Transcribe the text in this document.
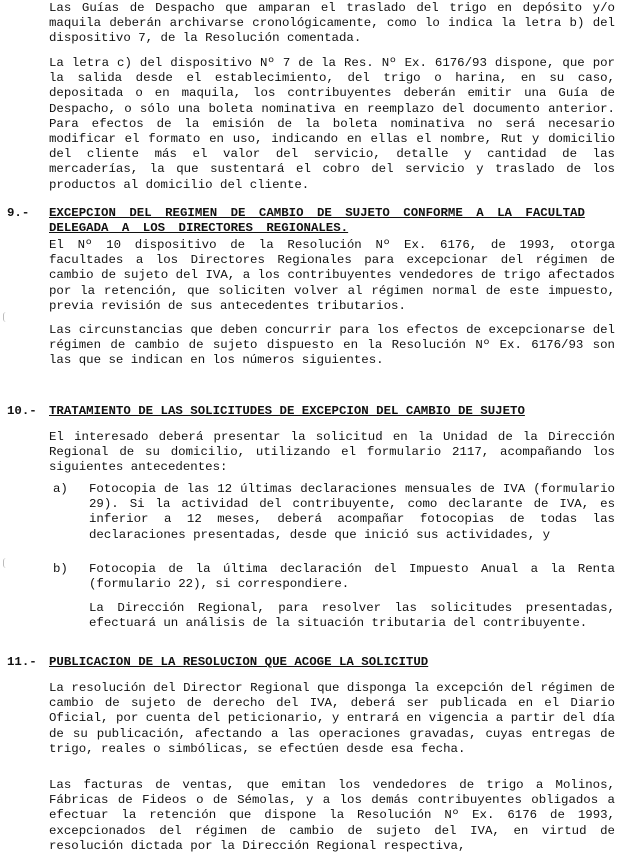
Las Guías de Despacho que amparan el traslado del trigo en depósito y/o maquila deberán archivarse cronológicamente, como lo indica la letra b) del dispositivo 7, de la Resolución comentada.

La letra c) del dispositivo Nº 7 de la Res. Nº Ex. 6176/93 dispone, que por la salida desde el establecimiento, del trigo o harina, en su caso, depositada o en maquila, los contribuyentes deberán emitir una Guía de Despacho, o sólo una boleta nominativa en reemplazo del documento anterior. Para efectos de la emisión de la boleta nominativa no será necesario modificar el formato en uso, indicando en ellas el nombre, Rut y domicilio del cliente más el valor del servicio, detalle y cantidad de las mercaderías, la que sustentará el cobro del servicio y traslado de los productos al domicilio del cliente.

9.- EXCEPCION DEL REGIMEN DE CAMBIO DE SUJETO CONFORME A LA FACULTAD DELEGADA A LOS DIRECTORES REGIONALES.

El Nº 10 dispositivo de la Resolución Nº Ex. 6176, de 1993, otorga facultades a los Directores Regionales para excepcionar del régimen de cambio de sujeto del IVA, a los contribuyentes vendedores de trigo afectados por la retención, que soliciten volver al régimen normal de este impuesto, previa revisión de sus antecedentes tributarios.

Las circunstancias que deben concurrir para los efectos de excepcionarse del régimen de cambio de sujeto dispuesto en la Resolución Nº Ex. 6176/93 son las que se indican en los números siguientes.

10.- TRATAMIENTO DE LAS SOLICITUDES DE EXCEPCION DEL CAMBIO DE SUJETO

El interesado deberá presentar la solicitud en la Unidad de la Dirección Regional de su domicilio, utilizando el formulario 2117, acompañando los siguientes antecedentes:

a) Fotocopia de las 12 últimas declaraciones mensuales de IVA (formulario 29). Si la actividad del contribuyente, como declarante de IVA, es inferior a 12 meses, deberá acompañar fotocopias de todas las declaraciones presentadas, desde que inició sus actividades, y

b) Fotocopia de la última declaración del Impuesto Anual a la Renta (formulario 22), si correspondiere.

La Dirección Regional, para resolver las solicitudes presentadas, efectuará un análisis de la situación tributaria del contribuyente.

11.- PUBLICACION DE LA RESOLUCION QUE ACOGE LA SOLICITUD

La resolución del Director Regional que disponga la excepción del régimen de cambio de sujeto de derecho del IVA, deberá ser publicada en el Diario Oficial, por cuenta del peticionario, y entrará en vigencia a partir del día de su publicación, afectando a las operaciones gravadas, cuyas entregas de trigo, reales o simbólicas, se efectúen desde esa fecha.

Las facturas de ventas, que emitan los vendedores de trigo a Molinos, Fábricas de Fideos o de Sémolas, y a los demás contribuyentes obligados a efectuar la retención que dispone la Resolución Nº Ex. 6176 de 1993, excepcionados del régimen de cambio de sujeto del IVA, en virtud de resolución dictada por la Dirección Regional respectiva,
